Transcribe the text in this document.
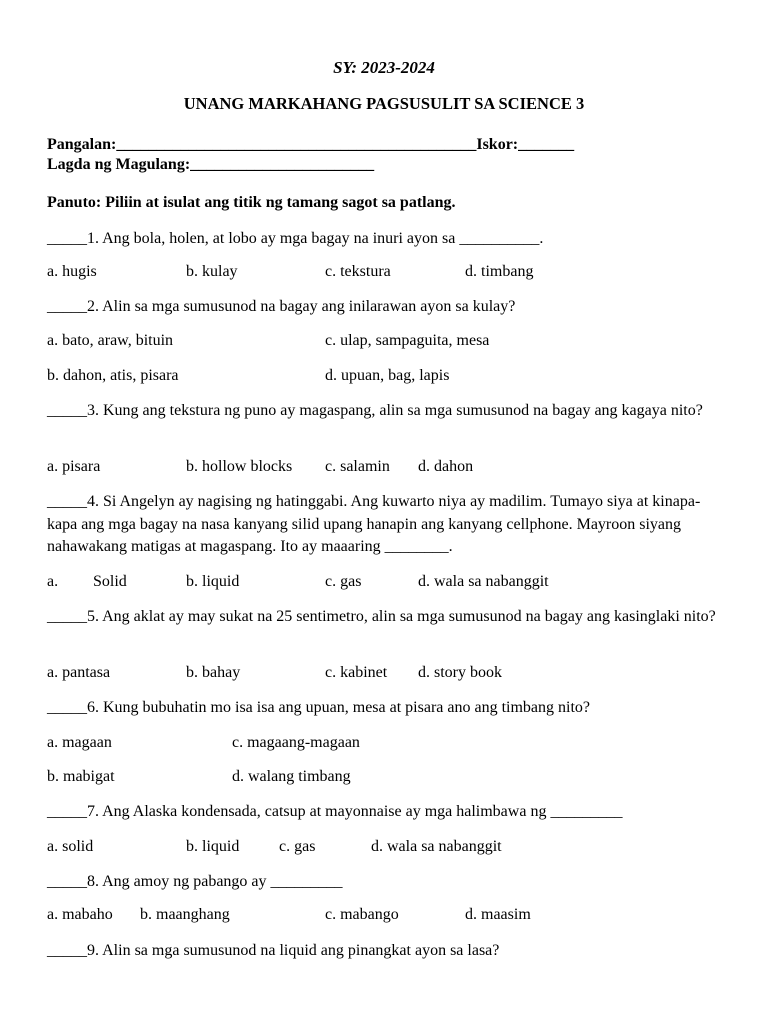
SY: 2023-2024
UNANG MARKAHANG PAGSUSULIT SA SCIENCE 3
Pangalan:_____________________________________________Iskor:_______
Lagda ng Magulang:_______________________
Panuto: Piliin at isulat ang titik ng tamang sagot sa patlang.
_____1. Ang bola, holen, at lobo ay mga bagay na inuri ayon sa __________.
a. hugis	b. kulay	c. tekstura	d. timbang
_____2. Alin sa mga sumusunod na bagay ang inilarawan ayon sa kulay?
a. bato, araw, bituin	c. ulap, sampaguita, mesa
b. dahon, atis, pisara	d. upuan, bag, lapis
_____3. Kung ang tekstura ng puno ay magaspang, alin sa mga sumusunod na bagay ang kagaya nito?
a. pisara	b. hollow blocks c. salamin d. dahon
_____4. Si Angelyn ay nagising ng hatinggabi. Ang kuwarto niya ay madilim. Tumayo siya at kinapa-kapa ang mga bagay na nasa kanyang silid upang hanapin ang kanyang cellphone. Mayroon siyang nahawakang matigas at magaspang. Ito ay maaaring ________.
a. Solid	b. liquid	c. gas	d. wala sa nabanggit
_____5. Ang aklat ay may sukat na 25 sentimetro, alin sa mga sumusunod na bagay ang kasinglaki nito?
a. pantasa	b. bahay	c. kabinet d. story book
_____6. Kung bubuhatin mo isa isa ang upuan, mesa at pisara ano ang timbang nito?
a. magaan	c. magaang-magaan
b. mabigat	d. walang timbang
_____7. Ang Alaska kondensada, catsup at mayonnaise ay mga halimbawa ng _________
a. solid	b. liquid c. gas	d. wala sa nabanggit
_____8. Ang amoy ng pabango ay _________
a. mabaho b. maanghang	c. mabango	d. maasim
_____9. Alin sa mga sumusunod na liquid ang pinangkat ayon sa lasa?
